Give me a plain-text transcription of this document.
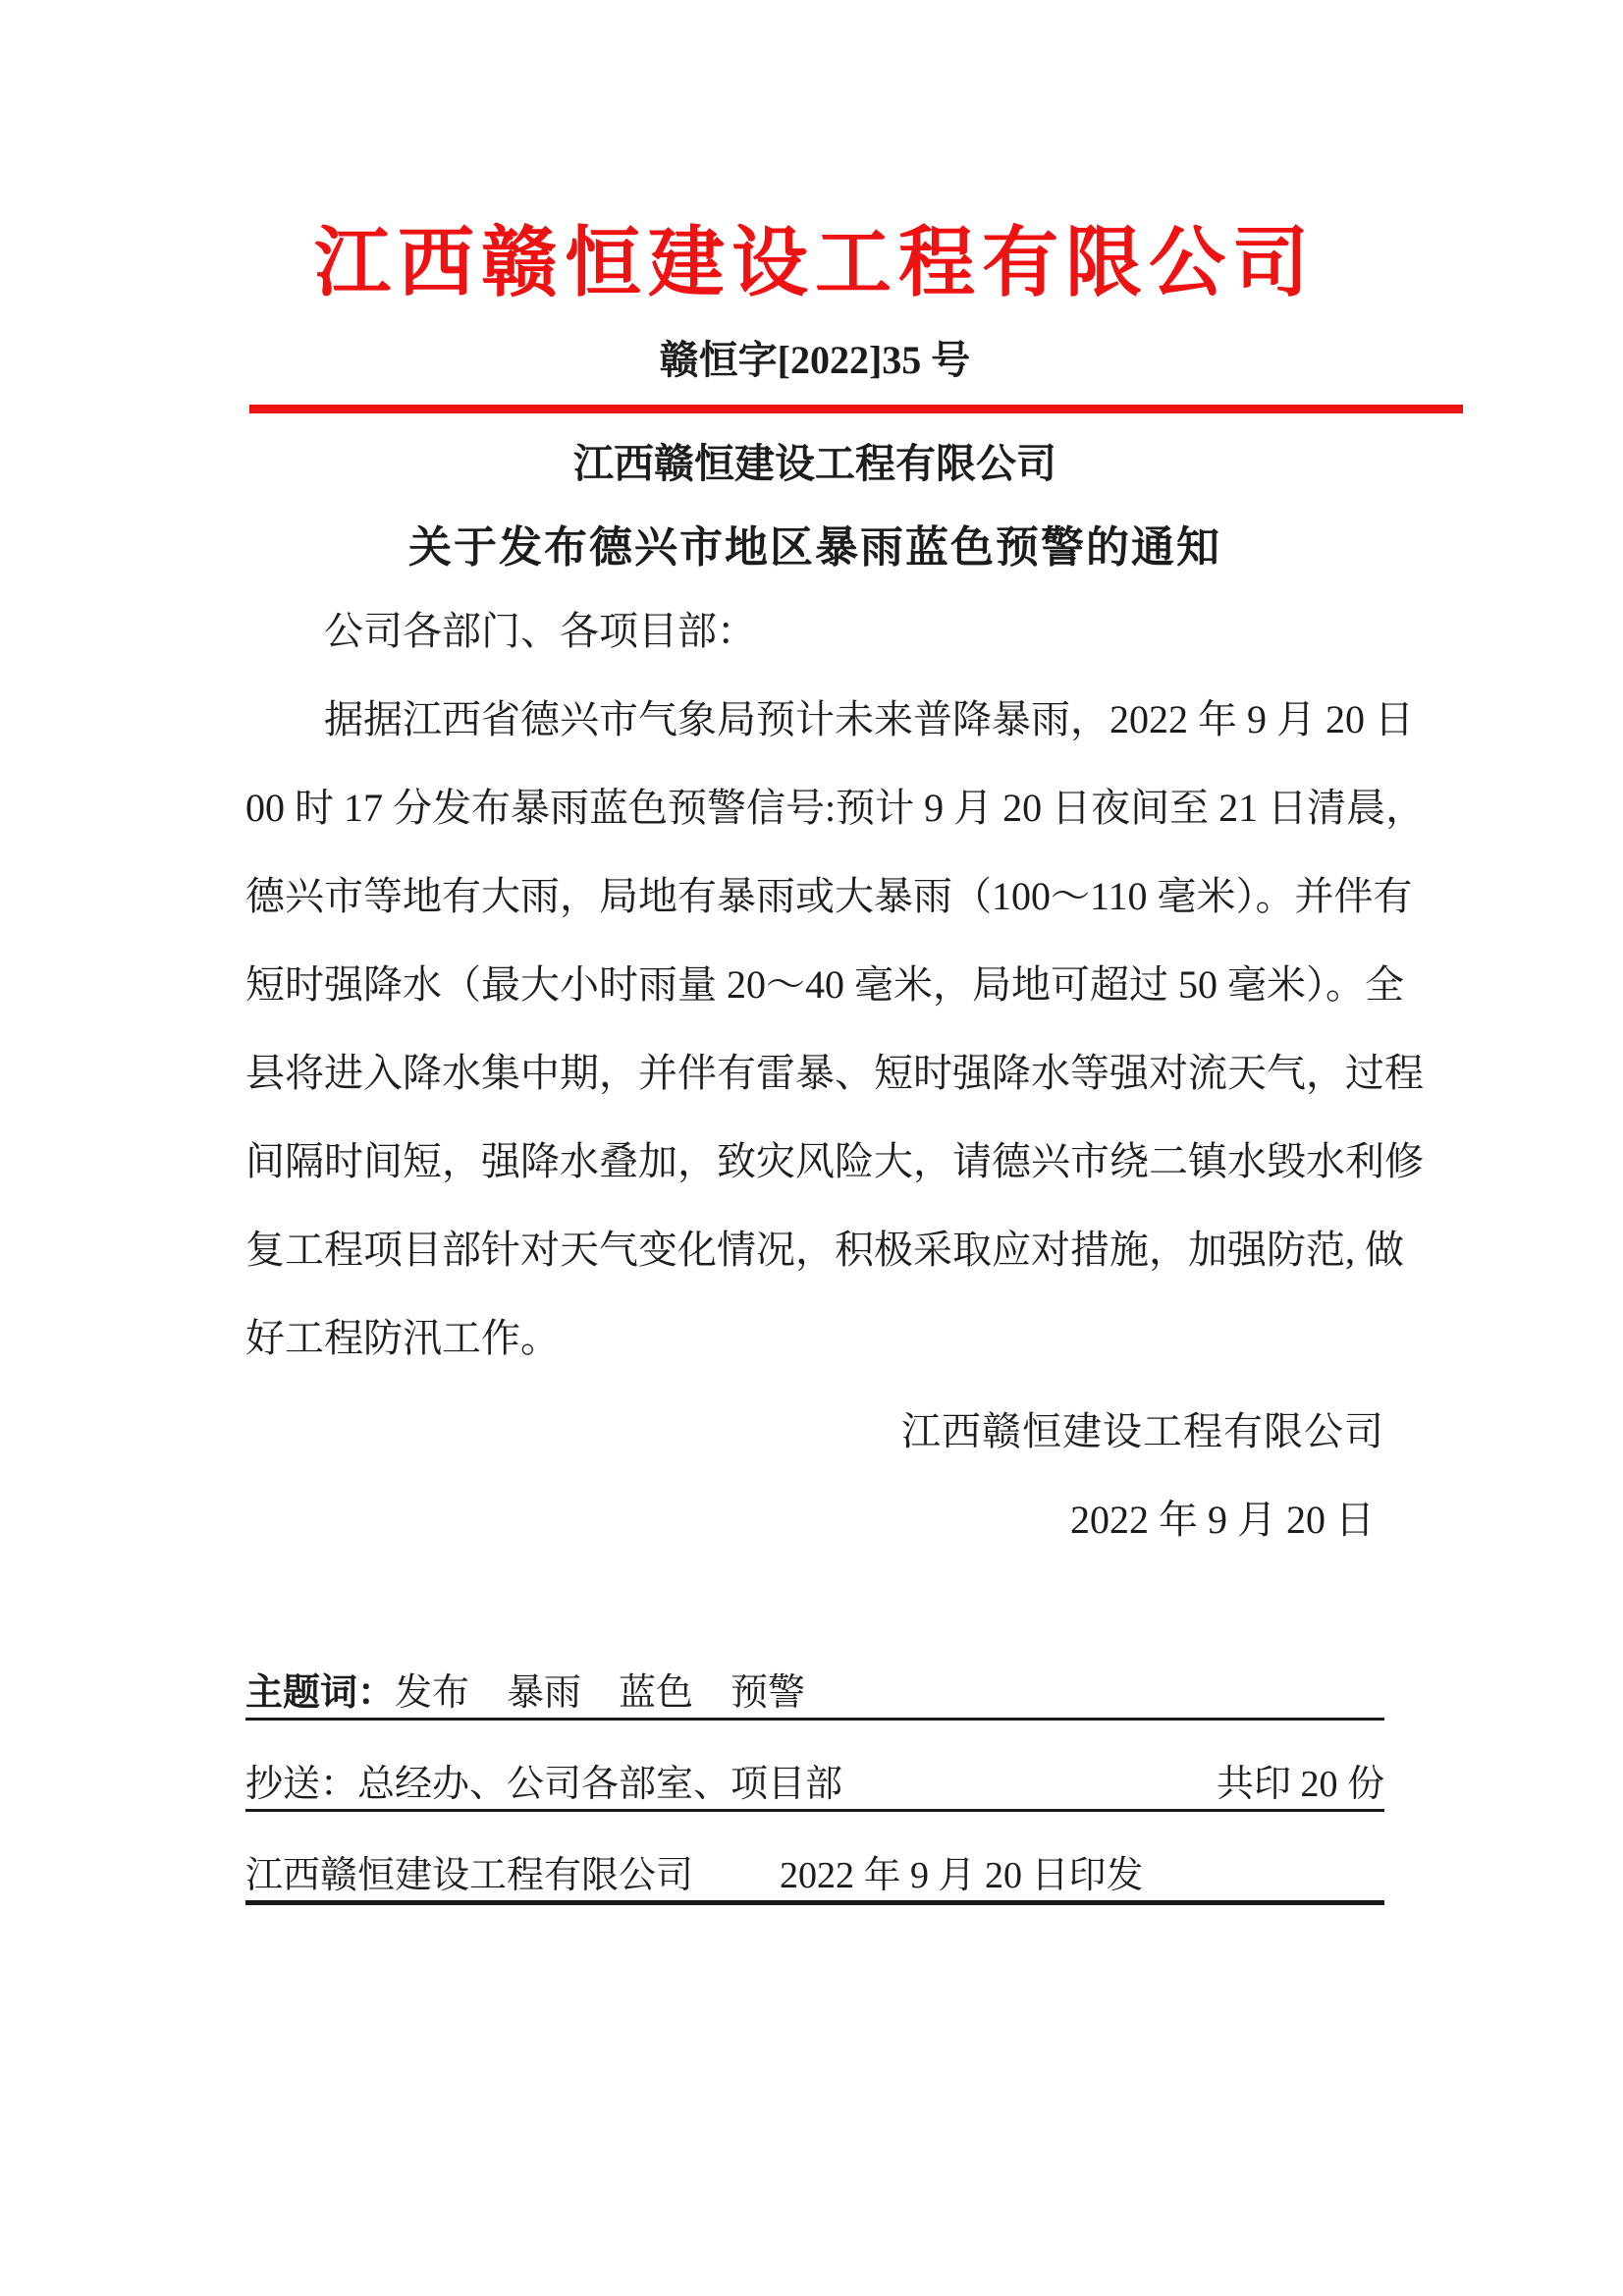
江西赣恒建设工程有限公司
赣恒字[2022]35 号
江西赣恒建设工程有限公司
关于发布德兴市地区暴雨蓝色预警的通知
公司各部门、各项目部：
据据江西省德兴市气象局预计未来普降暴雨，2022 年 9 月 20 日
00 时 17 分发布暴雨蓝色预警信号:预计 9 月 20 日夜间至 21 日清晨，
德兴市等地有大雨，局地有暴雨或大暴雨（100～110 毫米）。并伴有
短时强降水（最大小时雨量 20～40 毫米，局地可超过 50 毫米）。全
县将进入降水集中期，并伴有雷暴、短时强降水等强对流天气，过程
间隔时间短，强降水叠加，致灾风险大，请德兴市绕二镇水毁水利修
复工程项目部针对天气变化情况，积极采取应对措施，加强防范, 做
好工程防汛工作。
江西赣恒建设工程有限公司
2022 年 9 月 20 日
主题词： 发布　暴雨　蓝色　预警
抄送：总经办、公司各部室、项目部	共印 20 份
江西赣恒建设工程有限公司 2022 年 9 月 20 日印发
